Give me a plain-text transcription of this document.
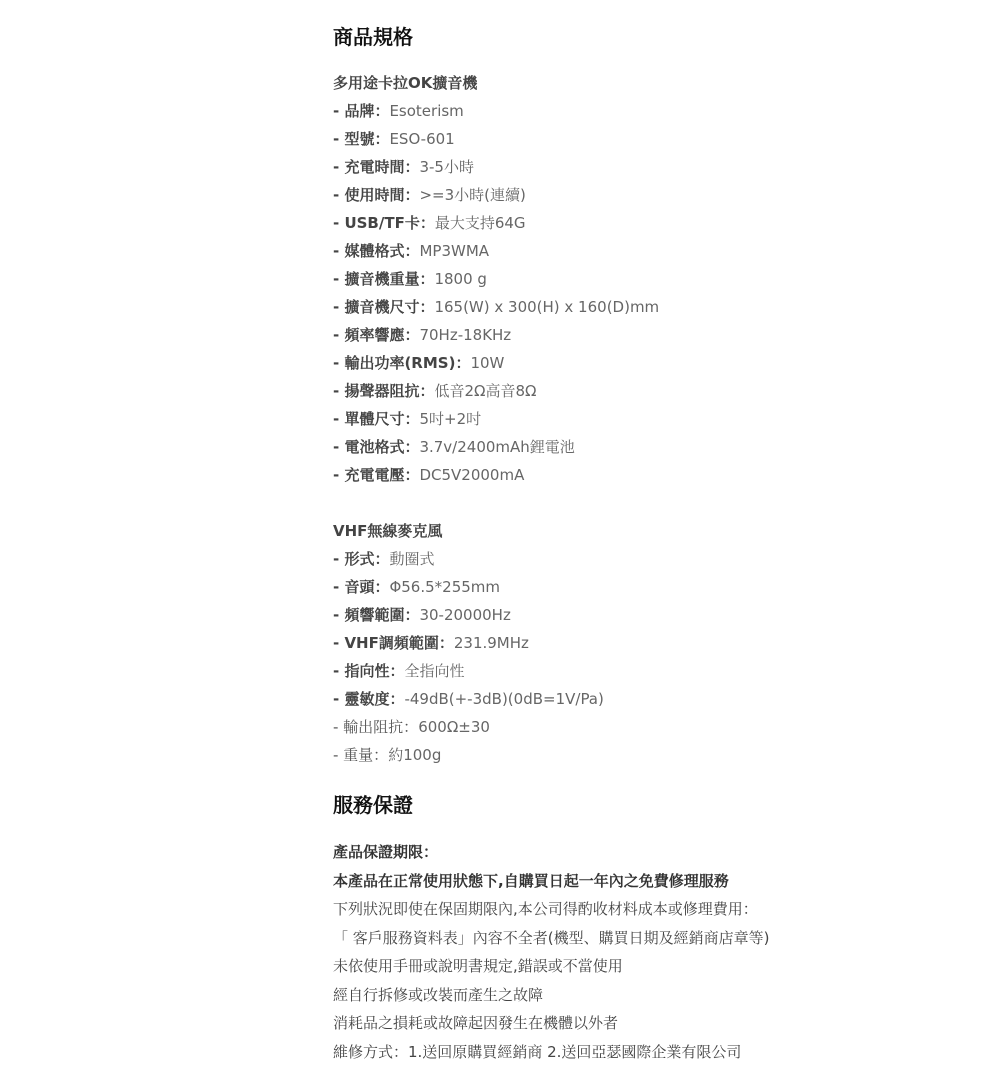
商品規格
多用途卡拉OK擴音機
- 品牌：Esoterism
- 型號：ESO-601
- 充電時間：3-5小時
- 使用時間：>=3小時(連續)
- USB/TF卡：最大支持64G
- 媒體格式：MP3WMA
- 擴音機重量：1800 g
- 擴音機尺寸：165(W) x 300(H) x 160(D)mm
- 頻率響應：70Hz-18KHz
- 輸出功率(RMS)：10W
- 揚聲器阻抗：低音2Ω高音8Ω
- 單體尺寸：5吋+2吋
- 電池格式：3.7v/2400mAh鋰電池
- 充電電壓：DC5V2000mA
VHF無線麥克風
- 形式：動圈式
- 音頭：Φ56.5*255mm
- 頻響範圍：30-20000Hz
- VHF調頻範圍：231.9MHz
- 指向性：全指向性
- 靈敏度：-49dB(+-3dB)(0dB=1V/Pa)
- 輸出阻抗：600Ω±30
- 重量：約100g
服務保證
產品保證期限：
本產品在正常使用狀態下,自購買日起一年內之免費修理服務
下列狀況即使在保固期限內,本公司得酌收材料成本或修理費用：
「 客戶服務資料表」內容不全者(機型、購買日期及經銷商店章等)
未依使用手冊或說明書規定,錯誤或不當使用
經自行拆修或改裝而產生之故障
消耗品之損耗或故障起因發生在機體以外者
維修方式：1.送回原購買經銷商 2.送回亞瑟國際企業有限公司
